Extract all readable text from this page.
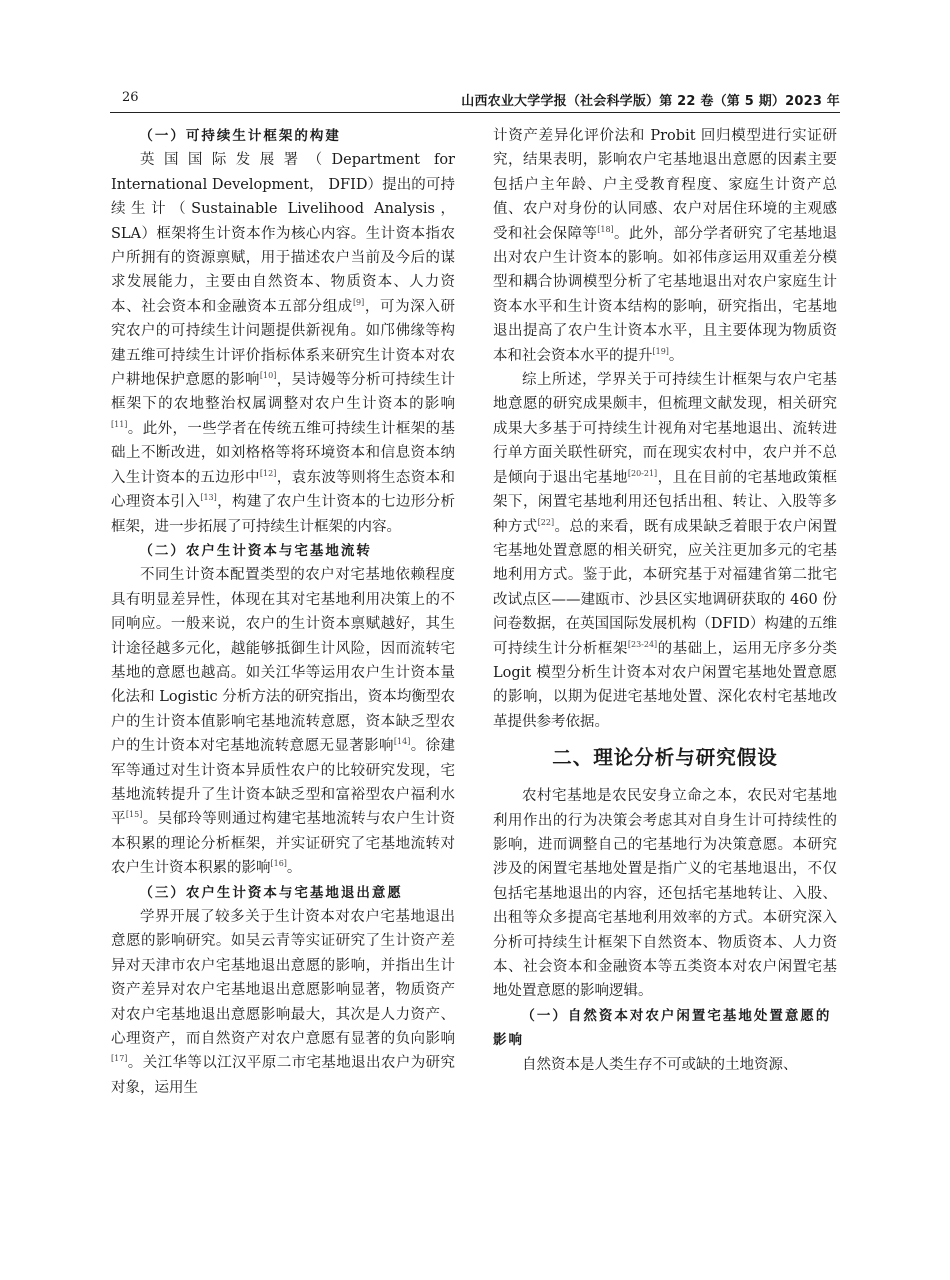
26	山西农业大学学报（社会科学版）第 22 卷（第 5 期）2023 年

（一）可持续生计框架的构建

英国国际发展署（Department for International Development， DFID）提出的可持续生计（Sustainable Livelihood Analysis， SLA）框架将生计资本作为核心内容。生计资本指农户所拥有的资源禀赋，用于描述农户当前及今后的谋求发展能力，主要由自然资本、物质资本、人力资本、社会资本和金融资本五部分组成[9]，可为深入研究农户的可持续生计问题提供新视角。如邝佛缘等构建五维可持续生计评价指标体系来研究生计资本对农户耕地保护意愿的影响[10]，吴诗嫚等分析可持续生计框架下的农地整治权属调整对农户生计资本的影响[11]。此外，一些学者在传统五维可持续生计框架的基础上不断改进，如刘格格等将环境资本和信息资本纳入生计资本的五边形中[12]，袁东波等则将生态资本和心理资本引入[13]，构建了农户生计资本的七边形分析框架，进一步拓展了可持续生计框架的内容。

（二）农户生计资本与宅基地流转

不同生计资本配置类型的农户对宅基地依赖程度具有明显差异性，体现在其对宅基地利用决策上的不同响应。一般来说，农户的生计资本禀赋越好，其生计途径越多元化，越能够抵御生计风险，因而流转宅基地的意愿也越高。如关江华等运用农户生计资本量化法和 Logistic 分析方法的研究指出，资本均衡型农户的生计资本值影响宅基地流转意愿，资本缺乏型农户的生计资本对宅基地流转意愿无显著影响[14]。徐建军等通过对生计资本异质性农户的比较研究发现，宅基地流转提升了生计资本缺乏型和富裕型农户福利水平[15]。吴郁玲等则通过构建宅基地流转与农户生计资本积累的理论分析框架，并实证研究了宅基地流转对农户生计资本积累的影响[16]。

（三）农户生计资本与宅基地退出意愿

学界开展了较多关于生计资本对农户宅基地退出意愿的影响研究。如吴云青等实证研究了生计资产差异对天津市农户宅基地退出意愿的影响，并指出生计资产差异对农户宅基地退出意愿影响显著，物质资产对农户宅基地退出意愿影响最大，其次是人力资产、心理资产，而自然资产对农户意愿有显著的负向影响[17]。关江华等以江汉平原二市宅基地退出农户为研究对象，运用生

计资产差异化评价法和 Probit 回归模型进行实证研究，结果表明，影响农户宅基地退出意愿的因素主要包括户主年龄、户主受教育程度、家庭生计资产总值、农户对身份的认同感、农户对居住环境的主观感受和社会保障等[18]。此外，部分学者研究了宅基地退出对农户生计资本的影响。如祁伟彦运用双重差分模型和耦合协调模型分析了宅基地退出对农户家庭生计资本水平和生计资本结构的影响，研究指出，宅基地退出提高了农户生计资本水平，且主要体现为物质资本和社会资本水平的提升[19]。

综上所述，学界关于可持续生计框架与农户宅基地意愿的研究成果颇丰，但梳理文献发现，相关研究成果大多基于可持续生计视角对宅基地退出、流转进行单方面关联性研究，而在现实农村中，农户并不总是倾向于退出宅基地[20-21]，且在目前的宅基地政策框架下，闲置宅基地利用还包括出租、转让、入股等多种方式[22]。总的来看，既有成果缺乏着眼于农户闲置宅基地处置意愿的相关研究，应关注更加多元的宅基地利用方式。鉴于此，本研究基于对福建省第二批宅改试点区——建瓯市、沙县区实地调研获取的 460 份问卷数据，在英国国际发展机构（DFID）构建的五维可持续生计分析框架[23-24]的基础上，运用无序多分类 Logit 模型分析生计资本对农户闲置宅基地处置意愿的影响，以期为促进宅基地处置、深化农村宅基地改革提供参考依据。

二、理论分析与研究假设

农村宅基地是农民安身立命之本，农民对宅基地利用作出的行为决策会考虑其对自身生计可持续性的影响，进而调整自己的宅基地行为决策意愿。本研究涉及的闲置宅基地处置是指广义的宅基地退出，不仅包括宅基地退出的内容，还包括宅基地转让、入股、出租等众多提高宅基地利用效率的方式。本研究深入分析可持续生计框架下自然资本、物质资本、人力资本、社会资本和金融资本等五类资本对农户闲置宅基地处置意愿的影响逻辑。

（一）自然资本对农户闲置宅基地处置意愿的影响

自然资本是人类生存不可或缺的土地资源、
